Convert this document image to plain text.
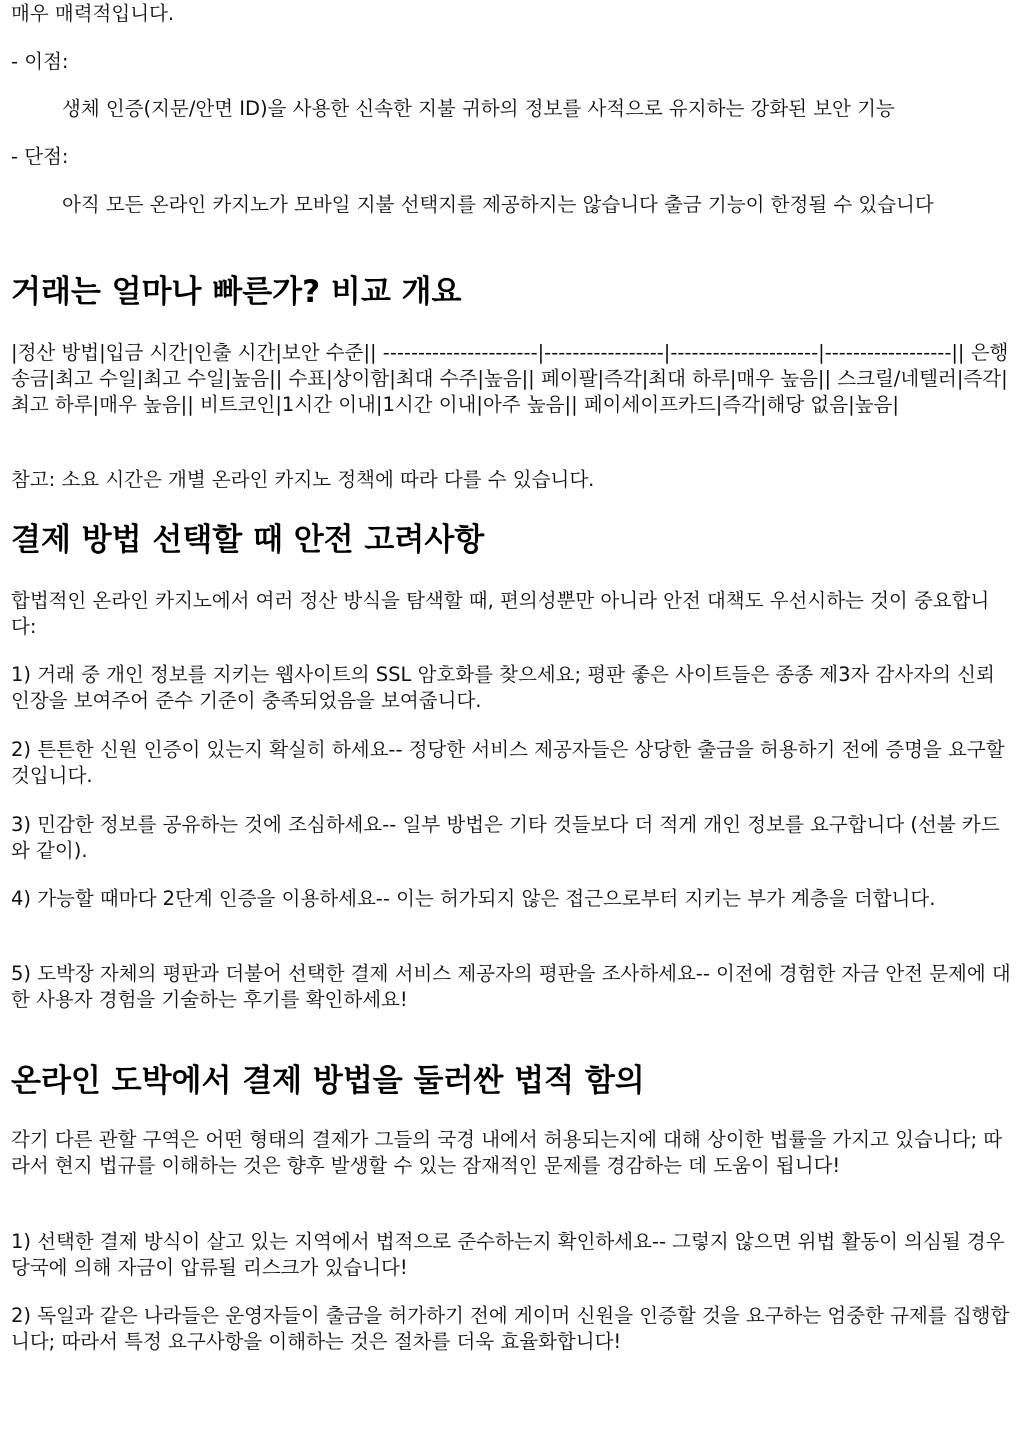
매우 매력적입니다.

- 이점:

생체 인증(지문/안면 ID)을 사용한 신속한 지불 귀하의 정보를 사적으로 유지하는 강화된 보안 기능

- 단점:

아직 모든 온라인 카지노가 모바일 지불 선택지를 제공하지는 않습니다 출금 기능이 한정될 수 있습니다

거래는 얼마나 빠른가? 비교 개요

|정산 방법|입금 시간|인출 시간|보안 수준|| ----------------------|-----------------|---------------------|------------------|| 은행 송금|최고 수일|최고 수일|높음|| 수표|상이함|최대 수주|높음|| 페이팔|즉각|최대 하루|매우 높음|| 스크릴/네텔러|즉각|최고 하루|매우 높음|| 비트코인|1시간 이내|1시간 이내|아주 높음|| 페이세이프카드|즉각|해당 없음|높음|

참고: 소요 시간은 개별 온라인 카지노 정책에 따라 다를 수 있습니다.

결제 방법 선택할 때 안전 고려사항

합법적인 온라인 카지노에서 여러 정산 방식을 탐색할 때, 편의성뿐만 아니라 안전 대책도 우선시하는 것이 중요합니다:

1) 거래 중 개인 정보를 지키는 웹사이트의 SSL 암호화를 찾으세요; 평판 좋은 사이트들은 종종 제3자 감사자의 신뢰 인장을 보여주어 준수 기준이 충족되었음을 보여줍니다.

2) 튼튼한 신원 인증이 있는지 확실히 하세요-- 정당한 서비스 제공자들은 상당한 출금을 허용하기 전에 증명을 요구할 것입니다.

3) 민감한 정보를 공유하는 것에 조심하세요-- 일부 방법은 기타 것들보다 더 적게 개인 정보를 요구합니다 (선불 카드와 같이).

4) 가능할 때마다 2단계 인증을 이용하세요-- 이는 허가되지 않은 접근으로부터 지키는 부가 계층을 더합니다.

5) 도박장 자체의 평판과 더불어 선택한 결제 서비스 제공자의 평판을 조사하세요-- 이전에 경험한 자금 안전 문제에 대한 사용자 경험을 기술하는 후기를 확인하세요!

온라인 도박에서 결제 방법을 둘러싼 법적 함의

각기 다른 관할 구역은 어떤 형태의 결제가 그들의 국경 내에서 허용되는지에 대해 상이한 법률을 가지고 있습니다; 따라서 현지 법규를 이해하는 것은 향후 발생할 수 있는 잠재적인 문제를 경감하는 데 도움이 됩니다!

1) 선택한 결제 방식이 살고 있는 지역에서 법적으로 준수하는지 확인하세요-- 그렇지 않으면 위법 활동이 의심될 경우 당국에 의해 자금이 압류될 리스크가 있습니다!

2) 독일과 같은 나라들은 운영자들이 출금을 허가하기 전에 게이머 신원을 인증할 것을 요구하는 엄중한 규제를 집행합니다; 따라서 특정 요구사항을 이해하는 것은 절차를 더욱 효율화합니다!
